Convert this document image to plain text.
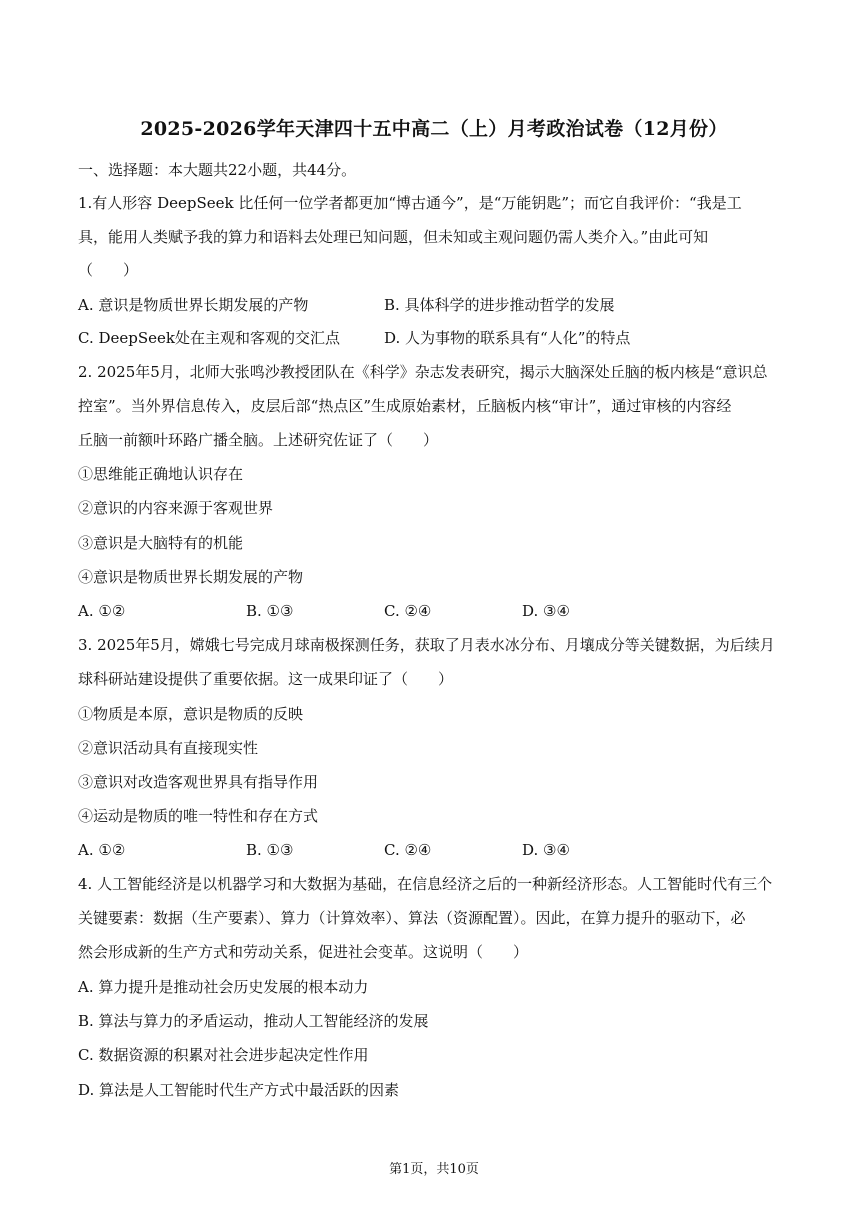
2025-2026学年天津四十五中高二（上）月考政治试卷（12月份）
一、选择题：本大题共22小题，共44分。
1.有人形容 DeepSeek 比任何一位学者都更加“博古通今”，是“万能钥匙”；而它自我评价：“我是工
具，能用人类赋予我的算力和语料去处理已知问题，但未知或主观问题仍需人类介入。”由此可知
（　　）
A. 意识是物质世界长期发展的产物	B. 具体科学的进步推动哲学的发展
C. DeepSeek处在主观和客观的交汇点	D. 人为事物的联系具有“人化”的特点
2. 2025年5月，北师大张鸣沙教授团队在《科学》杂志发表研究，揭示大脑深处丘脑的板内核是“意识总
控室”。当外界信息传入，皮层后部“热点区”生成原始素材，丘脑板内核“审计”，通过审核的内容经
丘脑一前额叶环路广播全脑。上述研究佐证了（　　）
①思维能正确地认识存在
②意识的内容来源于客观世界
③意识是大脑特有的机能
④意识是物质世界长期发展的产物
A. ①②	B. ①③	C. ②④	D. ③④
3. 2025年5月，嫦娥七号完成月球南极探测任务，获取了月表水冰分布、月壤成分等关键数据，为后续月
球科研站建设提供了重要依据。这一成果印证了（　　）
①物质是本原，意识是物质的反映
②意识活动具有直接现实性
③意识对改造客观世界具有指导作用
④运动是物质的唯一特性和存在方式
A. ①②	B. ①③	C. ②④	D. ③④
4. 人工智能经济是以机器学习和大数据为基础，在信息经济之后的一种新经济形态。人工智能时代有三个
关键要素：数据（生产要素）、算力（计算效率）、算法（资源配置）。因此，在算力提升的驱动下，必
然会形成新的生产方式和劳动关系，促进社会变革。这说明（　　）
A. 算力提升是推动社会历史发展的根本动力
B. 算法与算力的矛盾运动，推动人工智能经济的发展
C. 数据资源的积累对社会进步起决定性作用
D. 算法是人工智能时代生产方式中最活跃的因素
第1页，共10页
